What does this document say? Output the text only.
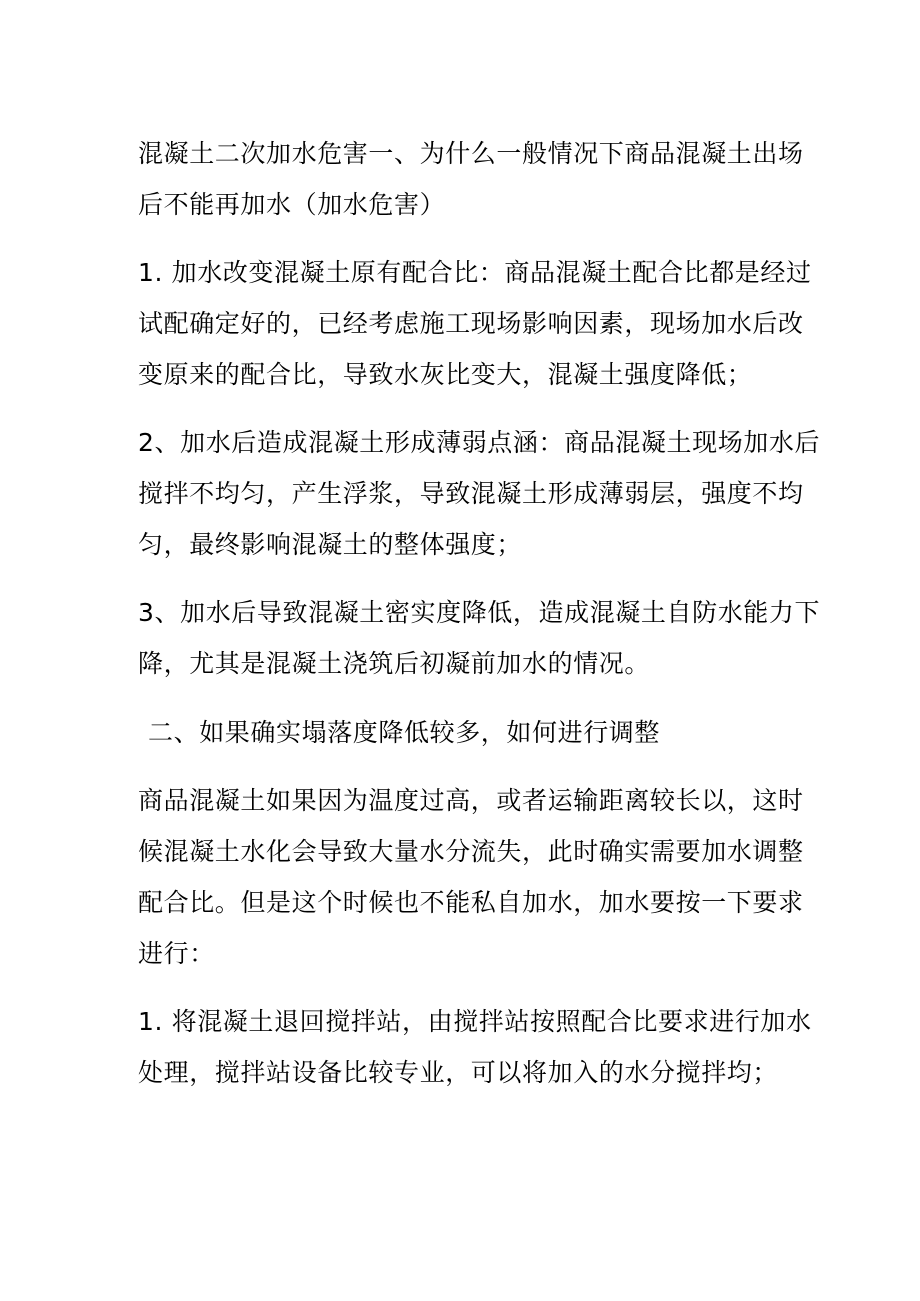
混凝土二次加水危害一、为什么一般情况下商品混凝土出场
后不能再加水（加水危害）
1. 加水改变混凝土原有配合比：商品混凝土配合比都是经过
试配确定好的，已经考虑施工现场影响因素，现场加水后改
变原来的配合比，导致水灰比变大，混凝土强度降低；
2、加水后造成混凝土形成薄弱点涵：商品混凝土现场加水后
搅拌不均匀，产生浮浆，导致混凝土形成薄弱层，强度不均
匀，最终影响混凝土的整体强度；
3、加水后导致混凝土密实度降低，造成混凝土自防水能力下
降，尤其是混凝土浇筑后初凝前加水的情况。
二、如果确实塌落度降低较多，如何进行调整
商品混凝土如果因为温度过高，或者运输距离较长以，这时
候混凝土水化会导致大量水分流失，此时确实需要加水调整
配合比。但是这个时候也不能私自加水，加水要按一下要求
进行：
1. 将混凝土退回搅拌站，由搅拌站按照配合比要求进行加水
处理，搅拌站设备比较专业，可以将加入的水分搅拌均；
